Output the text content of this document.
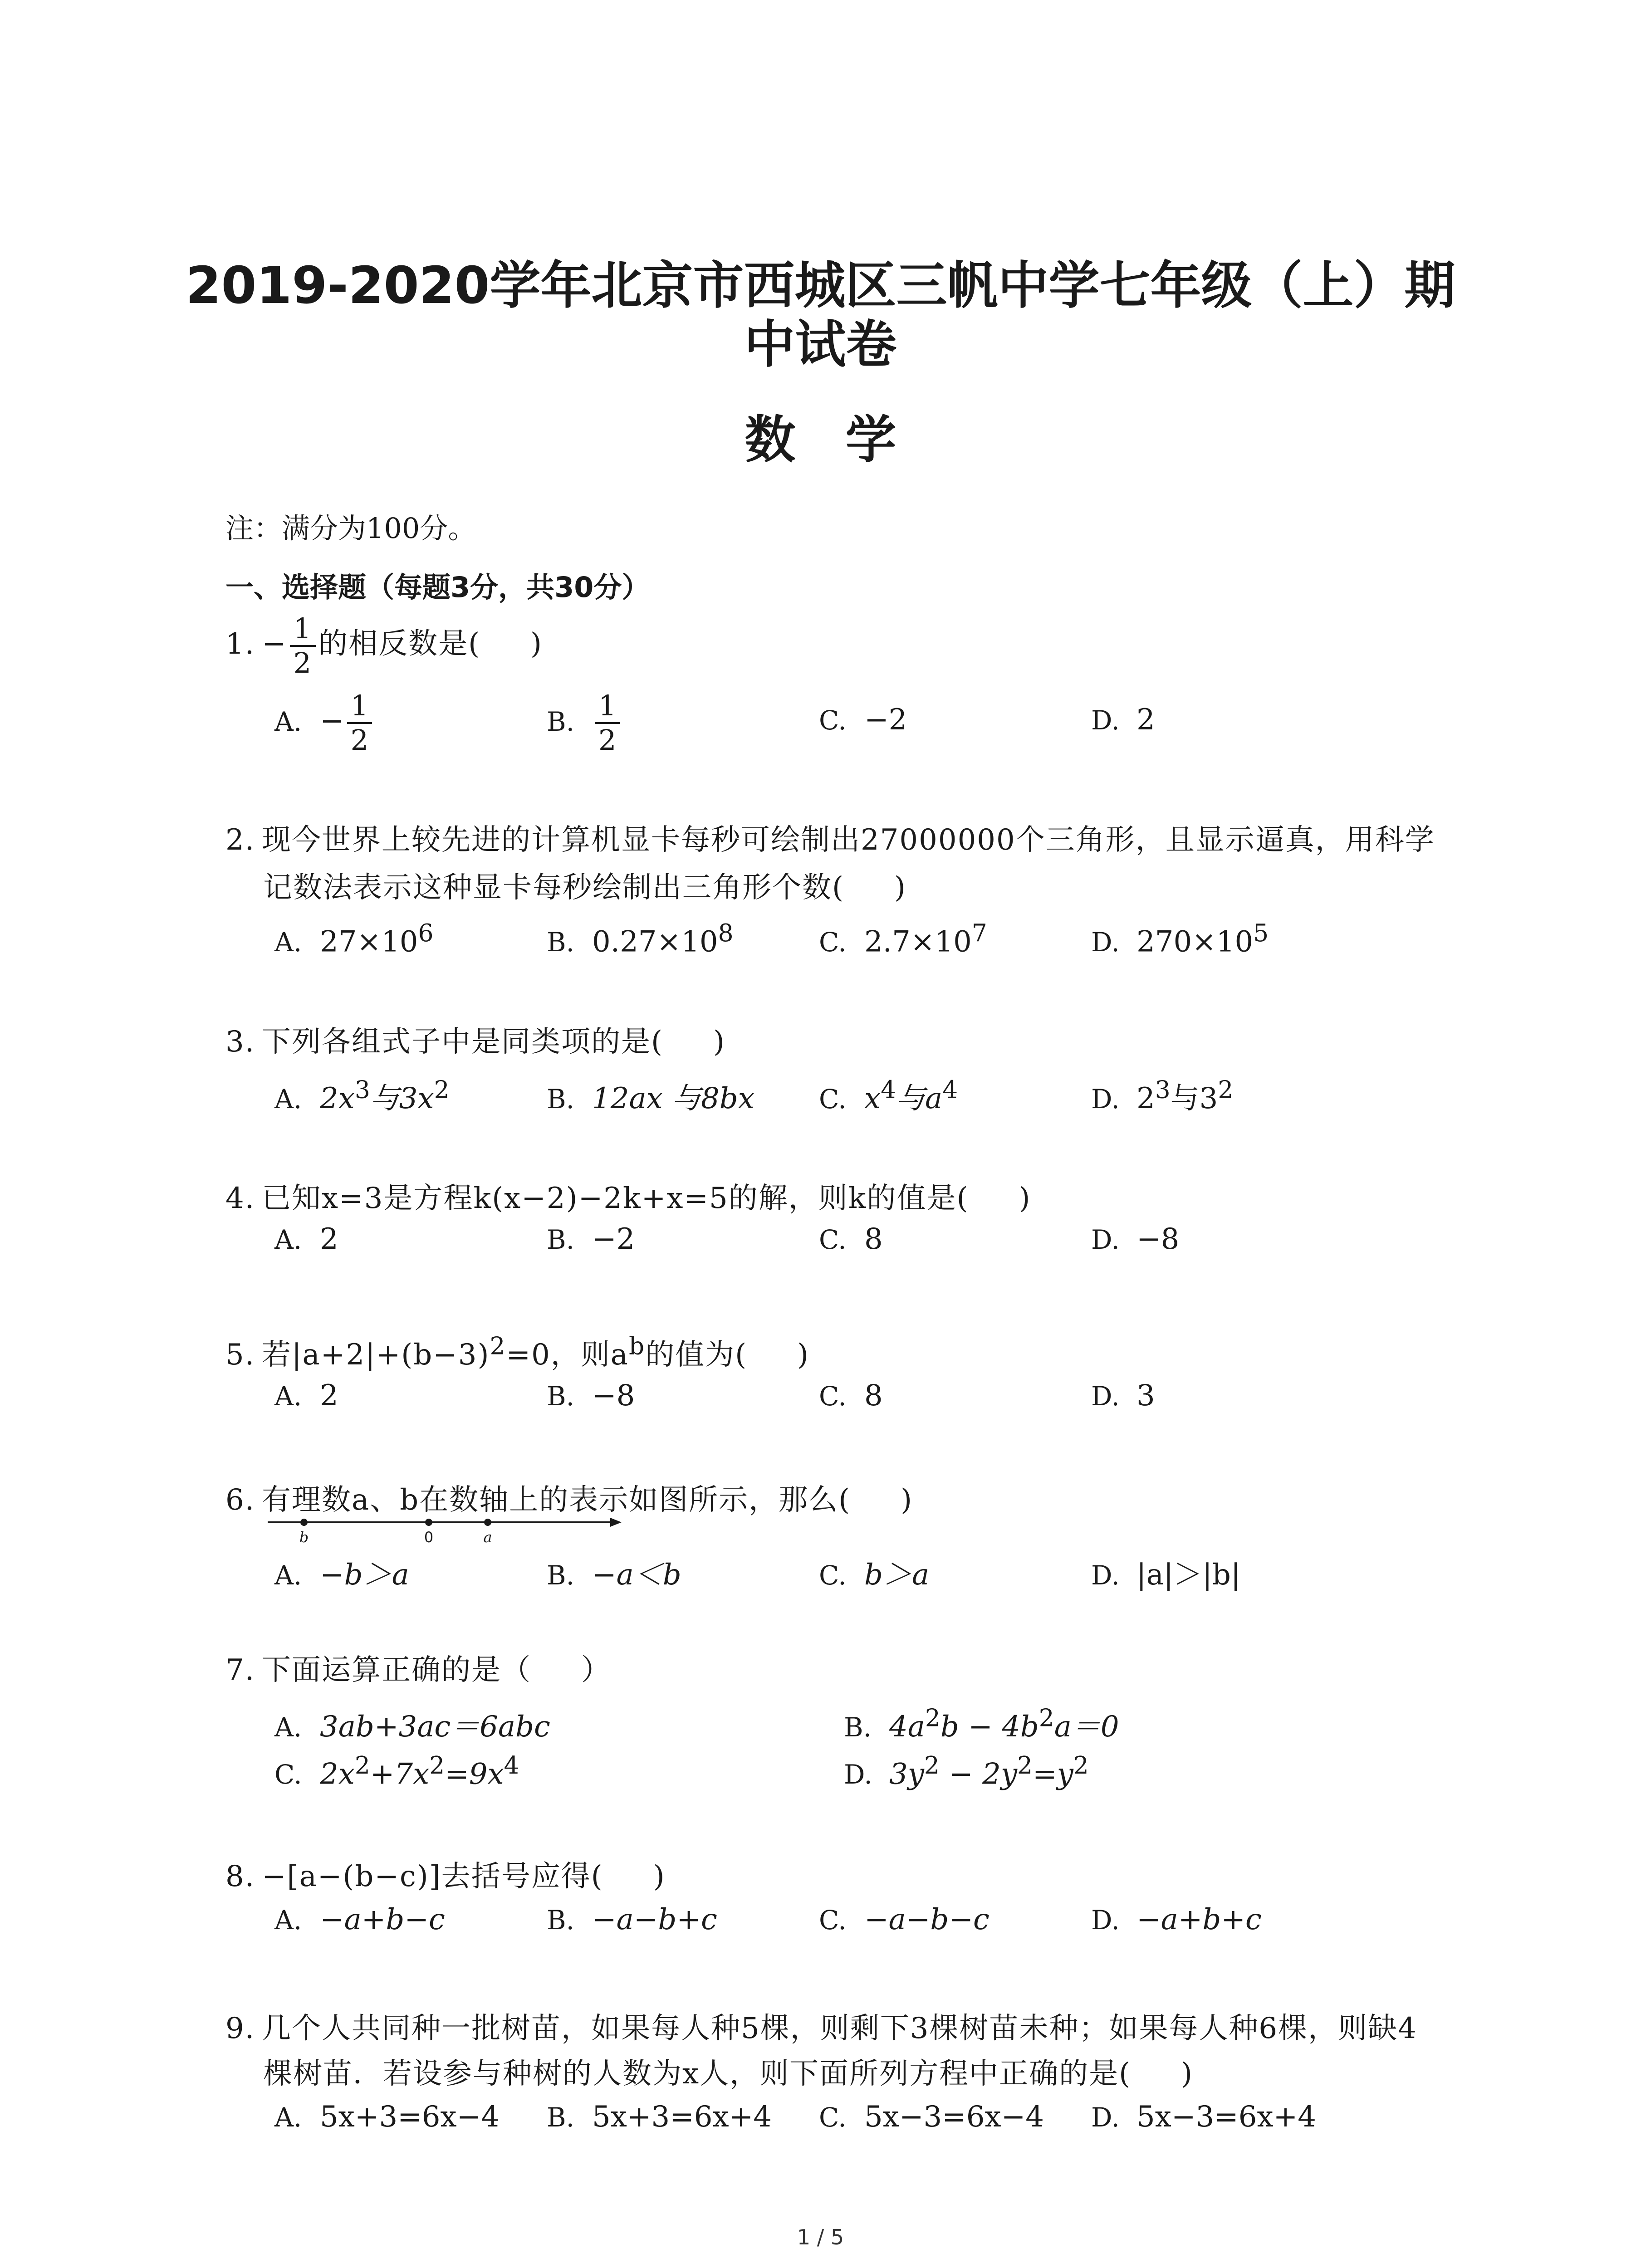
2019-2020学年北京市西城区三帆中学七年级（上）期
中试卷
数学
注：满分为100分。
一、选择题（每题3分，共30分）
1. − $\frac{1}{2}$ 的相反数是( )
A. − $\frac{1}{2}$	B. $\frac{1}{2}$	C. −2	D. 2
2. 现今世界上较先进的计算机显卡每秒可绘制出27000000个三角形，且显示逼真，用科学
记数法表示这种显卡每秒绘制出三角形个数( )
A. $27\times 10^6$	B. $0.27\times 10^8$	C. $2.7\times 10^7$	D. $270\times 10^5$
3. 下列各组式子中是同类项的是( )
A. $2x^3$与$3x^2$	B. 12ax 与8bx C. $x^4$与$a^4$	D. $2^3$与$3^2$
4. 已知x=3是方程k(x−2)−2k+x=5的解，则k的值是( )
A. 2	B. −2	C. 8	D. −8
5. 若$|a+2|+(b-3)^2=0$，则$a^b$的值为( )
A. 2	B. −8	C. 8	D. 3
6. 有理数a、b在数轴上的表示如图所示，那么( )
b	0	a
A. −b＞a	B. −a＜b	C. b＞a	D. |a|＞|b|
7. 下面运算正确的是（ ）
A. 3ab+3ac＝6abc	B. $4a^2b - 4b^2a=0$
C. $2x^2+7x^2=9x^4$	D. $3y^2 - 2y^2=y^2$
8. −[a−(b−c)]去括号应得( )
A. −a+b−c	B. −a−b+c	C. −a−b−c	D. −a+b+c
9. 几个人共同种一批树苗，如果每人种5棵，则剩下3棵树苗未种；如果每人种6棵，则缺4
棵树苗．若设参与种树的人数为x人，则下面所列方程中正确的是( )
A. 5x+3=6x−4 B. 5x+3=6x+4 C. 5x−3=6x−4 D. 5x−3=6x+4
1 / 5
